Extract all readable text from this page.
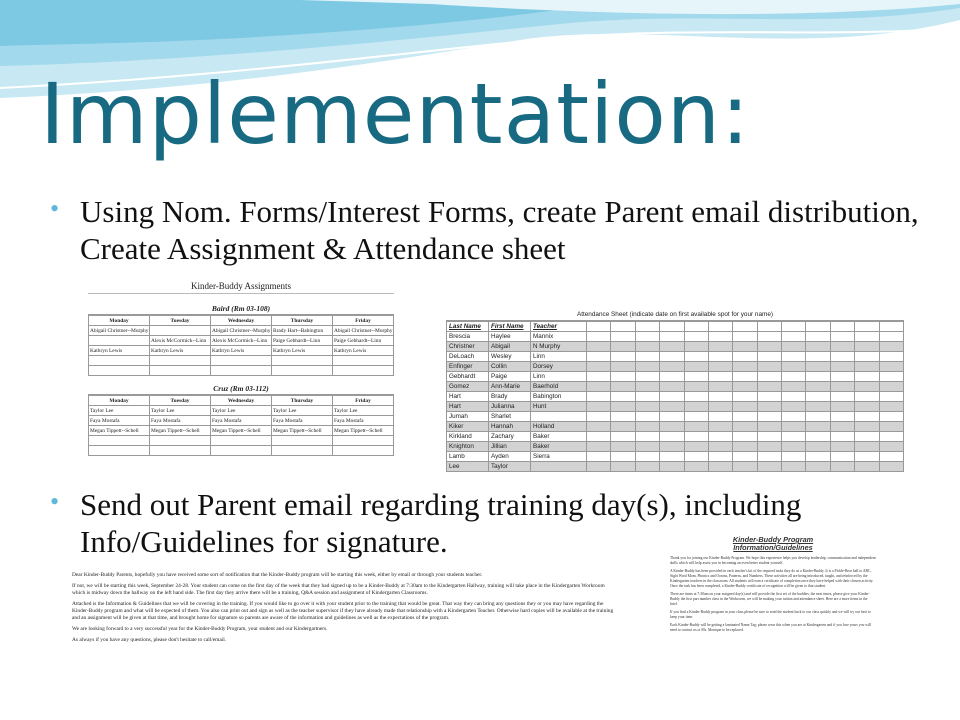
Implementation:
• Using Nom. Forms/Interest Forms, create Parent email distribution, Create Assignment & Attendance sheet
Kinder-Buddy Assignments
Baird (Rm 03-108)
Monday	Tuesday	Wednesday	Thursday	Friday
Abigail Christner--Murphy		Abigail Christner--Murphy	Brady Hart--Babington	Abigail Christner--Murphy
	Alexis McCormick--Linn	Alexis McCormick--Linn	Paige Gebhardt--Linn	Paige Gebhardt--Linn
Kathryn Lewis	Kathryn Lewis	Kathryn Lewis	Kathryn Lewis	Kathryn Lewis

Cruz (Rm 03-112)
Monday	Tuesday	Wednesday	Thursday	Friday
Taylor Lee	Taylor Lee	Taylor Lee	Taylor Lee	Taylor Lee
Faya Mostafa	Faya Mostafa	Faya Mostafa	Faya Mostafa	Faya Mostafa
Megan Tippett--Schell	Megan Tippett--Schell	Megan Tippett--Schell	Megan Tippett--Schell	Megan Tippett--Schell

Attendance Sheet (indicate date on first available spot for your name)
Last Name	First Name	Teacher													
Brescia	Haylee	Mannix													
Christner	Abigail	N Murphy													
DeLoach	Wesley	Linn													
Enfinger	Collin	Dorsey													
Gebhardt	Paige	Linn													
Gomez	Ann-Marie	Baerhold													
Hart	Brady	Babington													
Hart	Julianna	Hunt													
Jumah	Sharlet														
Kiker	Hannah	Holland													
Kirkland	Zachary	Baker													
Knighton	Jillian	Baker													
Lamb	Ayden	Sierra													
Lee	Taylor														
• Send out Parent email regarding training day(s), including Info/Guidelines for signature.

Dear Kinder-Buddy Parents, hopefully you have received some sort of notification that the Kinder-Buddy program will be starting this week, either by email or through your students teacher.

If not, we will be starting this week, September 24-28. Your student can come on the first day of the week that they had signed up to be a Kinder-Buddy at 7:30am to the Kindergarten Hallway, training will take place in the Kindergarten Workroom which is midway down the hallway on the left hand side. The first day they arrive there will be a training, Q&A session and assignment of Kindergarten Classrooms.

Attached is the Information & Guidelines that we will be covering in the training. If you would like to go over it with your student prior to the training that would be great. That way they can bring any questions they or you may have regarding the Kinder-Buddy program and what will be expected of them. You also can print out and sign as well as the teacher supervisor if they have already made that relationship with a Kindergarten Teacher. Otherwise hard copies will be available at the training and an assignment will be given at that time, and brought home for signature so parents are aware of the information and guidelines as well as the expectations of the program.

We are looking forward to a very successful year for the Kinder-Buddy Program, your student and our Kindergartners.

As always if you have any questions, please don't hesitate to call/email.

Kinder-Buddy Program
Information/Guidelines

Thank you for joining our Kinder-Buddy Program. We hope this experience helps you develop leadership, communication and independent skills which will help assist you in becoming an even better student yourself.

A Kinder-Buddy has been provided in each teacher's kit of the required tasks they do as a Kinder-Buddy. It is a Pickle-Bear ball to ABC, Sight Word Mom, Phonics and Oceans, Patterns, and Numbers. These activities all are being introduced, taught, and reinforced by the Kindergarten teachers in the classroom. All students will earn a certificate of completion once they have helped with their chosen activity. Once the task has been completed, a Kinder-Buddy certificate of recognition will be given to that student.

There are times at 7:30am on your assigned day(s) and will provide the first set of the buddies, the next times, please give your Kinder-Buddy the first part number class in the Workroom, we will be making your tuition and attendance sheet. Here are a more items in the brief.

If you find a Kinder-Buddy program in your class please be sure to send the student back to our class quickly and we will try our best to keep your time.

Each Kinder-Buddy will be getting a laminated Name Tag; please wear this when you are at Kindergarten and if you lose yours you will need to contact us or Ms. Monique to be replaced.
